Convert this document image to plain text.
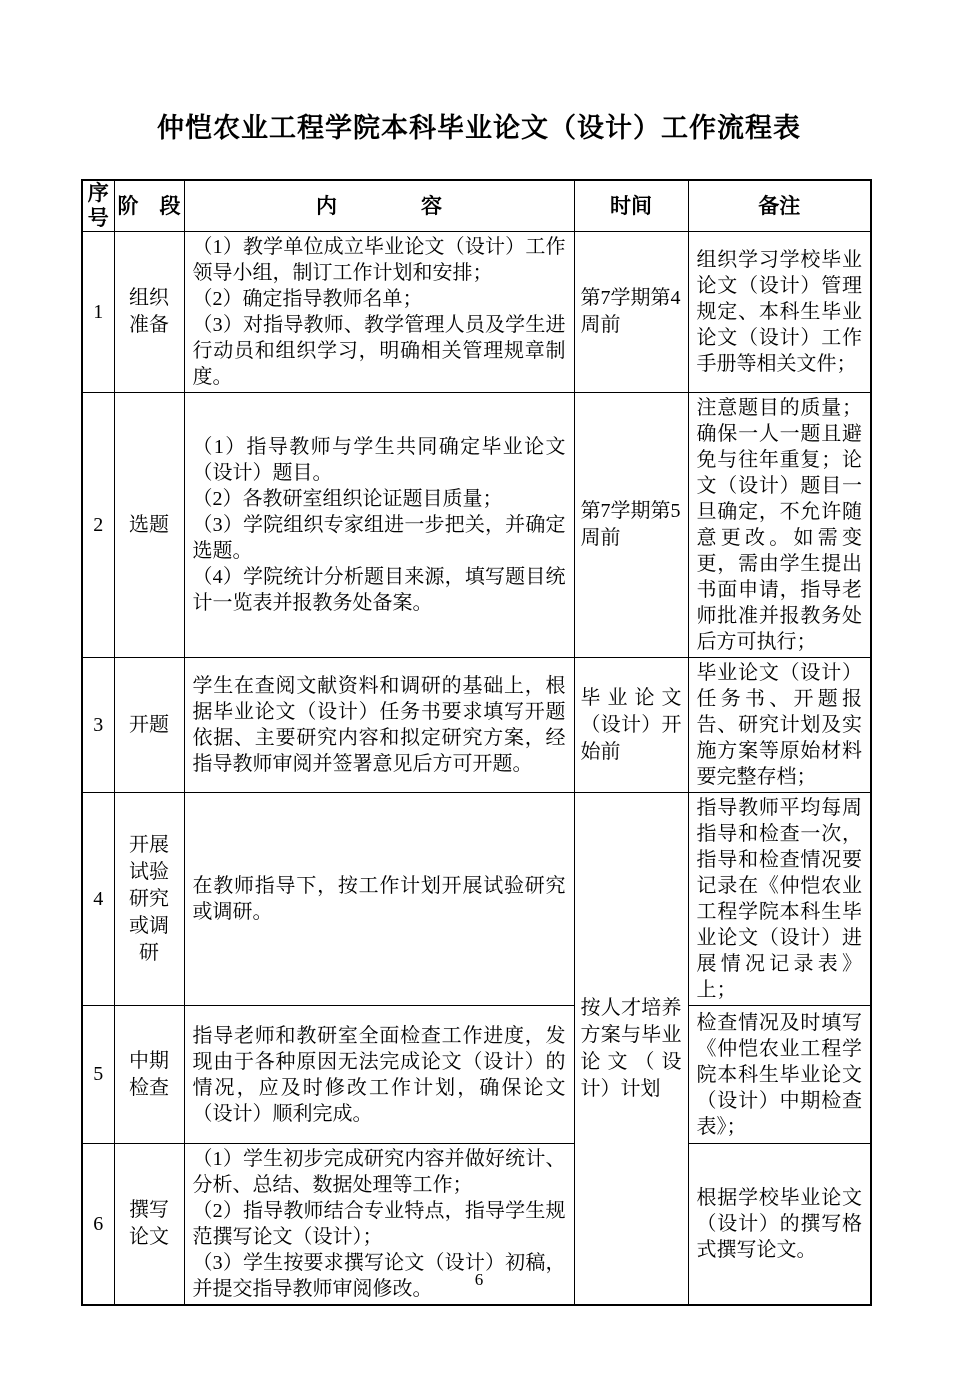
仲恺农业工程学院本科毕业论文（设计）工作流程表
序号	阶　段	内　　　　容	时间	备注
1	组织准备	（1）教学单位成立毕业论文（设计）工作领导小组，制订工作计划和安排；

（2）确定指导教师名单；

（3）对指导教师、教学管理人员及学生进行动员和组织学习，明确相关管理规章制度。	第7学期第4周前	组织学习学校毕业论文（设计）管理规定、本科生毕业论文（设计）工作手册等相关文件；
2	选题	（1）指导教师与学生共同确定毕业论文（设计）题目。

（2）各教研室组织论证题目质量；

（3）学院组织专家组进一步把关，并确定选题。

（4）学院统计分析题目来源，填写题目统计一览表并报教务处备案。	第7学期第5周前	注意题目的质量；确保一人一题且避免与往年重复；论文（设计）题目一旦确定，不允许随意更改。如需变更，需由学生提出书面申请，指导老师批准并报教务处后方可执行；
3	开题	学生在查阅文献资料和调研的基础上，根据毕业论文（设计）任务书要求填写开题依据、主要研究内容和拟定研究方案，经指导教师审阅并签署意见后方可开题。	毕业论文（设计）开始前	毕业论文（设计）任务书、开题报告、研究计划及实施方案等原始材料要完整存档；
4	开展试验研究或调研	在教师指导下，按工作计划开展试验研究或调研。	按人才培养方案与毕业论文（设计）计划	指导教师平均每周指导和检查一次，指导和检查情况要记录在《仲恺农业工程学院本科生毕业论文（设计）进展情况记录表》上；
5	中期检查	指导老师和教研室全面检查工作进度，发现由于各种原因无法完成论文（设计）的情况，应及时修改工作计划，确保论文（设计）顺利完成。		检查情况及时填写《仲恺农业工程学院本科生毕业论文（设计）中期检查表》；
6	撰写论文	（1）学生初步完成研究内容并做好统计、分析、总结、数据处理等工作；

（2）指导教师结合专业特点，指导学生规范撰写论文（设计）；

（3）学生按要求撰写论文（设计）初稿，并提交指导教师审阅修改。		根据学校毕业论文（设计）的撰写格式撰写论文。
6
